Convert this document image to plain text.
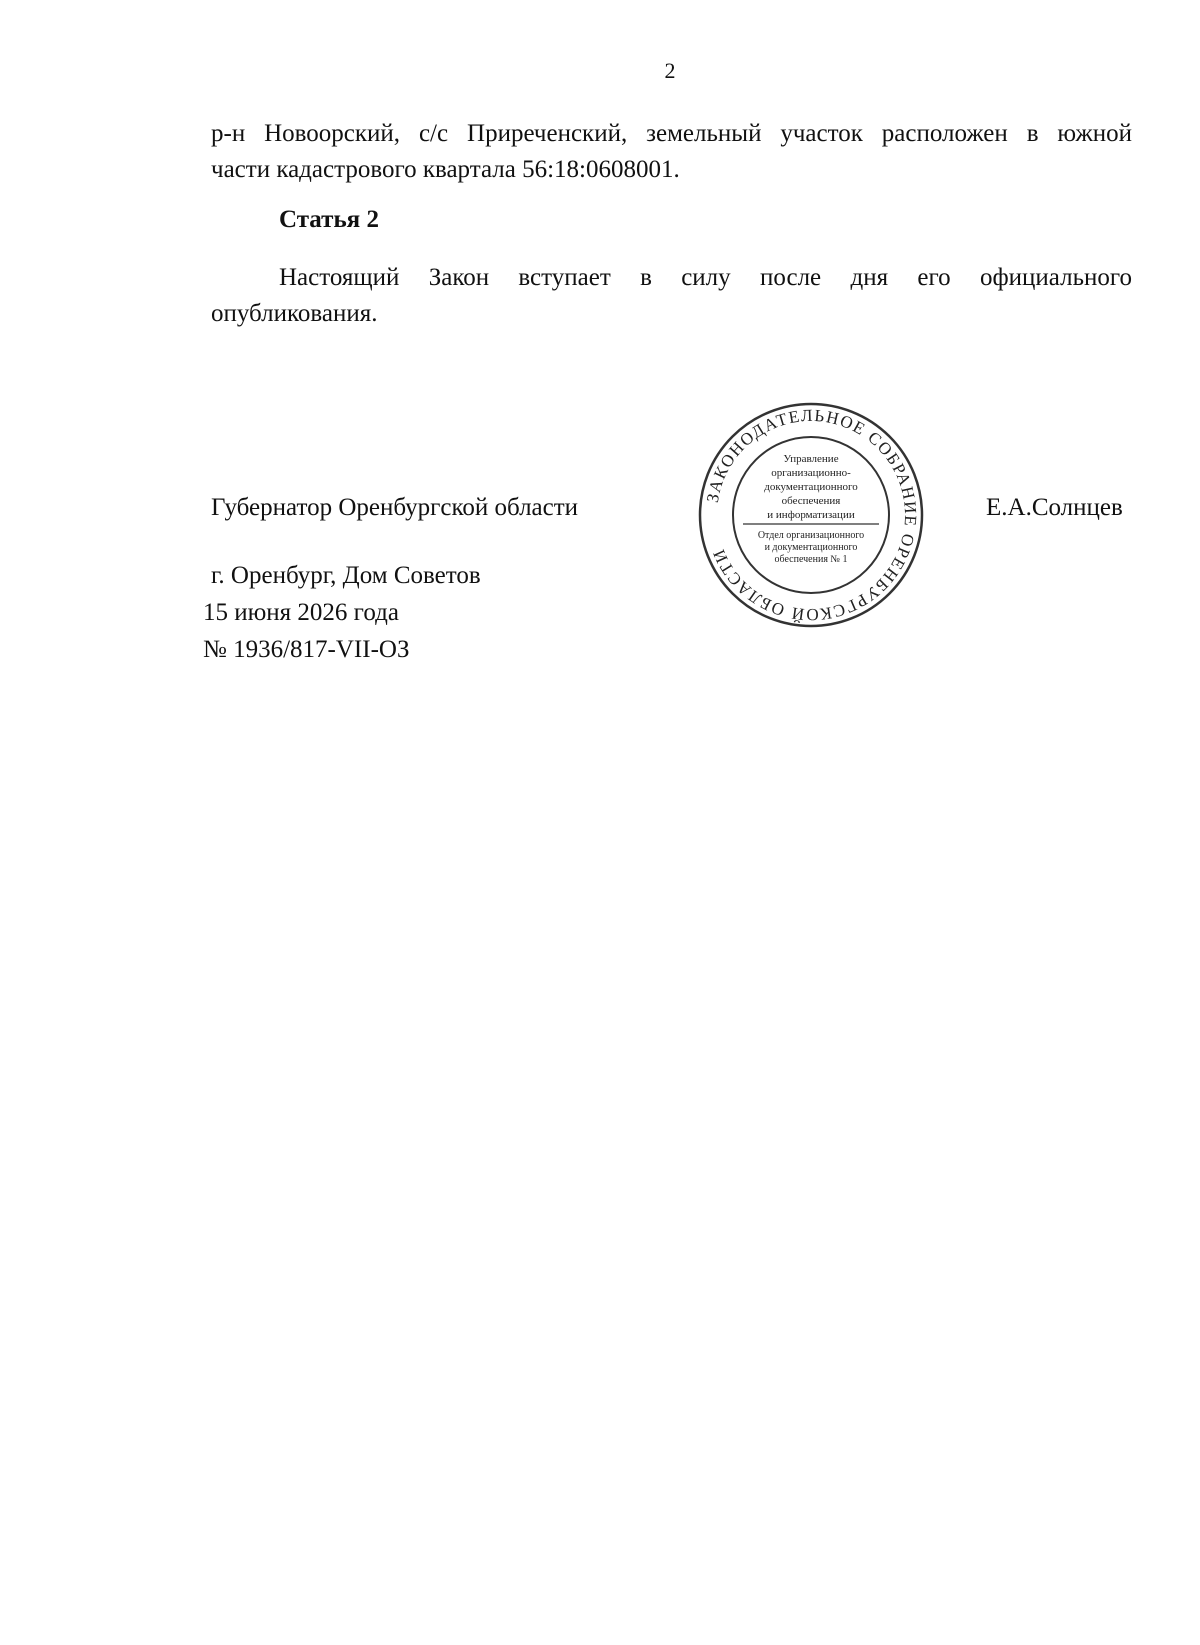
2
р-н Новоорский, с/с Приреченский, земельный участок расположен в южной
части кадастрового квартала 56:18:0608001.
Статья 2
Настоящий Закон вступает в силу после дня его официального
опубликования.
Губернатор Оренбургской области	ЗАКОНОДАТЕЛЬНОЕ СОБРАНИЕ ОРЕНБУРГСКОЙ ОБЛАСТИ
Управление
организационно-
документационного
обеспечения
и информатизации
Отдел организационного
и документационного
обеспечения № 1
Е.А.Солнцев
г. Оренбург, Дом Советов
15 июня 2026 года
№ 1936/817-VII-ОЗ
